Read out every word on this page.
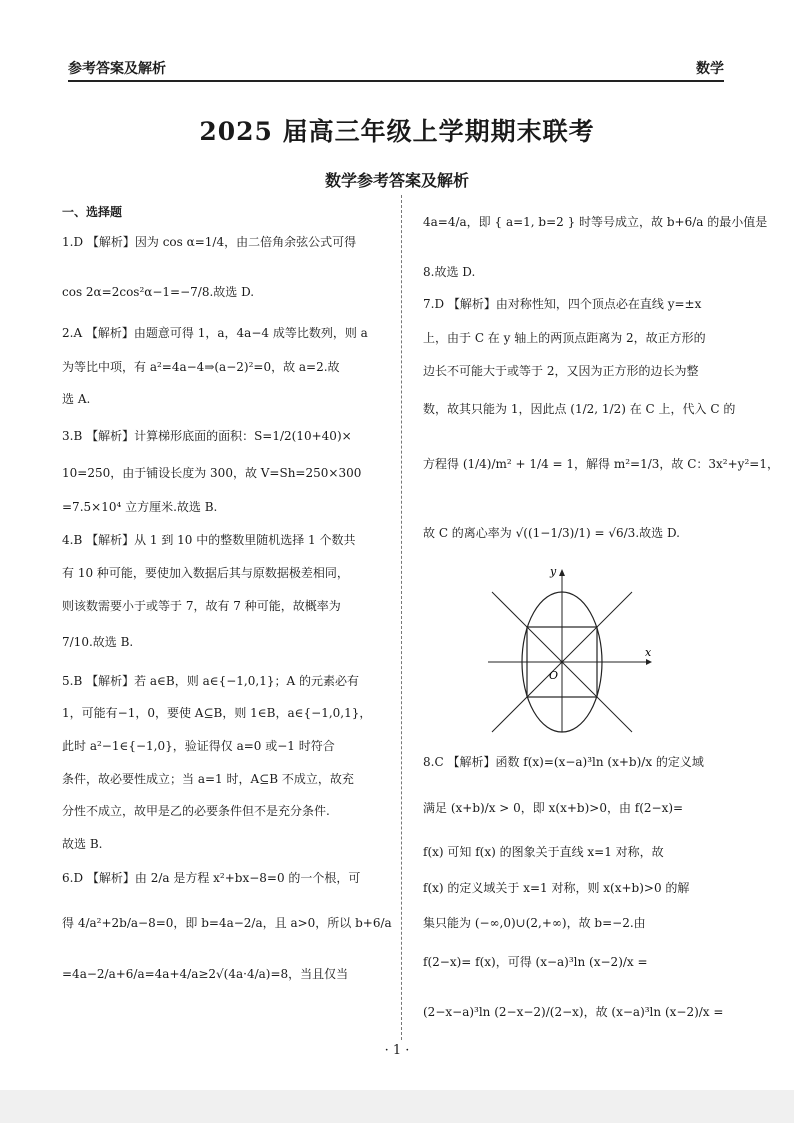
参考答案及解析	数学
2025 届高三年级上学期期末联考
数学参考答案及解析
一、选择题
1.D 【解析】因为 cos α=1/4，由二倍角余弦公式可得
cos 2α=2cos²α−1=−7/8.故选 D.
2.A 【解析】由题意可得 1，a，4a−4 成等比数列，则 a
为等比中项，有 a²=4a−4⇒(a−2)²=0，故 a=2.故
选 A.
3.B 【解析】计算梯形底面的面积：S=1/2(10+40)×
10=250，由于铺设长度为 300，故 V=Sh=250×300
=7.5×10⁴ 立方厘米.故选 B.
4.B 【解析】从 1 到 10 中的整数里随机选择 1 个数共
有 10 种可能，要使加入数据后其与原数据极差相同，
则该数需要小于或等于 7，故有 7 种可能，故概率为
7/10.故选 B.
5.B 【解析】若 a∈B，则 a∈{−1,0,1}；A 的元素必有
1，可能有−1，0，要使 A⊆B，则 1∈B，a∈{−1,0,1}，
此时 a²−1∈{−1,0}，验证得仅 a=0 或−1 时符合
条件，故必要性成立；当 a=1 时，A⊆B 不成立，故充
分性不成立，故甲是乙的必要条件但不是充分条件.
故选 B.
6.D 【解析】由 2/a 是方程 x²+bx−8=0 的一个根，可
得 4/a²+2b/a−8=0，即 b=4a−2/a，且 a>0，所以 b+6/a
=4a−2/a+6/a=4a+4/a≥2√(4a·4/a)=8，当且仅当
4a=4/a，即 { a=1, b=2 } 时等号成立，故 b+6/a 的最小值是
8.故选 D.
7.D 【解析】由对称性知，四个顶点必在直线 y=±x
上，由于 C 在 y 轴上的两顶点距离为 2，故正方形的
边长不可能大于或等于 2，又因为正方形的边长为整
数，故其只能为 1，因此点 (1/2, 1/2) 在 C 上，代入 C 的
方程得 (1/4)/m² + 1/4 = 1，解得 m²=1/3，故 C：3x²+y²=1，
故 C 的离心率为 √((1−1/3)/1) = √6/3.故选 D.
x
y
O
8.C 【解析】函数 f(x)=(x−a)³ln (x+b)/x 的定义域
满足 (x+b)/x > 0，即 x(x+b)>0，由 f(2−x)=
f(x) 可知 f(x) 的图象关于直线 x=1 对称，故
f(x) 的定义域关于 x=1 对称，则 x(x+b)>0 的解
集只能为 (−∞,0)∪(2,+∞)，故 b=−2.由
f(2−x)= f(x)，可得 (x−a)³ln (x−2)/x =
(2−x−a)³ln (2−x−2)/(2−x)，故 (x−a)³ln (x−2)/x =
· 1 ·
